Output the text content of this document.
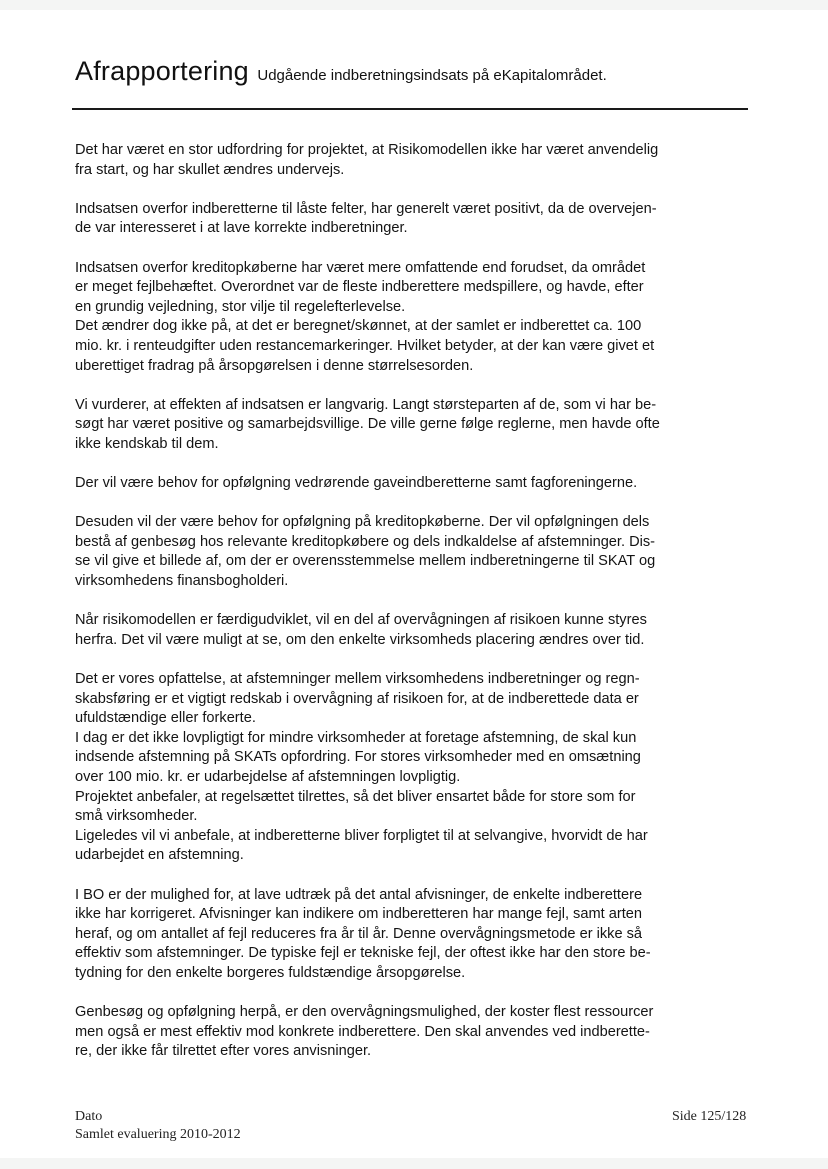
Afrapportering Udgående indberetningsindsats på eKapitalområdet.

Det har været en stor udfordring for projektet, at Risikomodellen ikke har været anvendelig
fra start, og har skullet ændres undervejs.

Indsatsen overfor indberetterne til låste felter, har generelt været positivt, da de overvejen-
de var interesseret i at lave korrekte indberetninger.

Indsatsen overfor kreditopkøberne har været mere omfattende end forudset, da området
er meget fejlbehæftet. Overordnet var de fleste indberettere medspillere, og havde, efter
en grundig vejledning, stor vilje til regelefterlevelse.
Det ændrer dog ikke på, at det er beregnet/skønnet, at der samlet er indberettet ca. 100
mio. kr. i renteudgifter uden restancemarkeringer. Hvilket betyder, at der kan være givet et
uberettiget fradrag på årsopgørelsen i denne størrelsesorden.

Vi vurderer, at effekten af indsatsen er langvarig. Langt størsteparten af de, som vi har be-
søgt har været positive og samarbejdsvillige. De ville gerne følge reglerne, men havde ofte
ikke kendskab til dem.

Der vil være behov for opfølgning vedrørende gaveindberetterne samt fagforeningerne.

Desuden vil der være behov for opfølgning på kreditopkøberne. Der vil opfølgningen dels
bestå af genbesøg hos relevante kreditopkøbere og dels indkaldelse af afstemninger. Dis-
se vil give et billede af, om der er overensstemmelse mellem indberetningerne til SKAT og
virksomhedens finansbogholderi.

Når risikomodellen er færdigudviklet, vil en del af overvågningen af risikoen kunne styres
herfra. Det vil være muligt at se, om den enkelte virksomheds placering ændres over tid.

Det er vores opfattelse, at afstemninger mellem virksomhedens indberetninger og regn-
skabsføring er et vigtigt redskab i overvågning af risikoen for, at de indberettede data er
ufuldstændige eller forkerte.
I dag er det ikke lovpligtigt for mindre virksomheder at foretage afstemning, de skal kun
indsende afstemning på SKATs opfordring. For stores virksomheder med en omsætning
over 100 mio. kr. er udarbejdelse af afstemningen lovpligtig.
Projektet anbefaler, at regelsættet tilrettes, så det bliver ensartet både for store som for
små virksomheder.
Ligeledes vil vi anbefale, at indberetterne bliver forpligtet til at selvangive, hvorvidt de har
udarbejdet en afstemning.

I BO er der mulighed for, at lave udtræk på det antal afvisninger, de enkelte indberettere
ikke har korrigeret. Afvisninger kan indikere om indberetteren har mange fejl, samt arten
heraf, og om antallet af fejl reduceres fra år til år. Denne overvågningsmetode er ikke så
effektiv som afstemninger. De typiske fejl er tekniske fejl, der oftest ikke har den store be-
tydning for den enkelte borgeres fuldstændige årsopgørelse.

Genbesøg og opfølgning herpå, er den overvågningsmulighed, der koster flest ressourcer
men også er mest effektiv mod konkrete indberettere. Den skal anvendes ved indberette-
re, der ikke får tilrettet efter vores anvisninger.

Dato
Samlet evaluering 2010-2012
Side 125/128
